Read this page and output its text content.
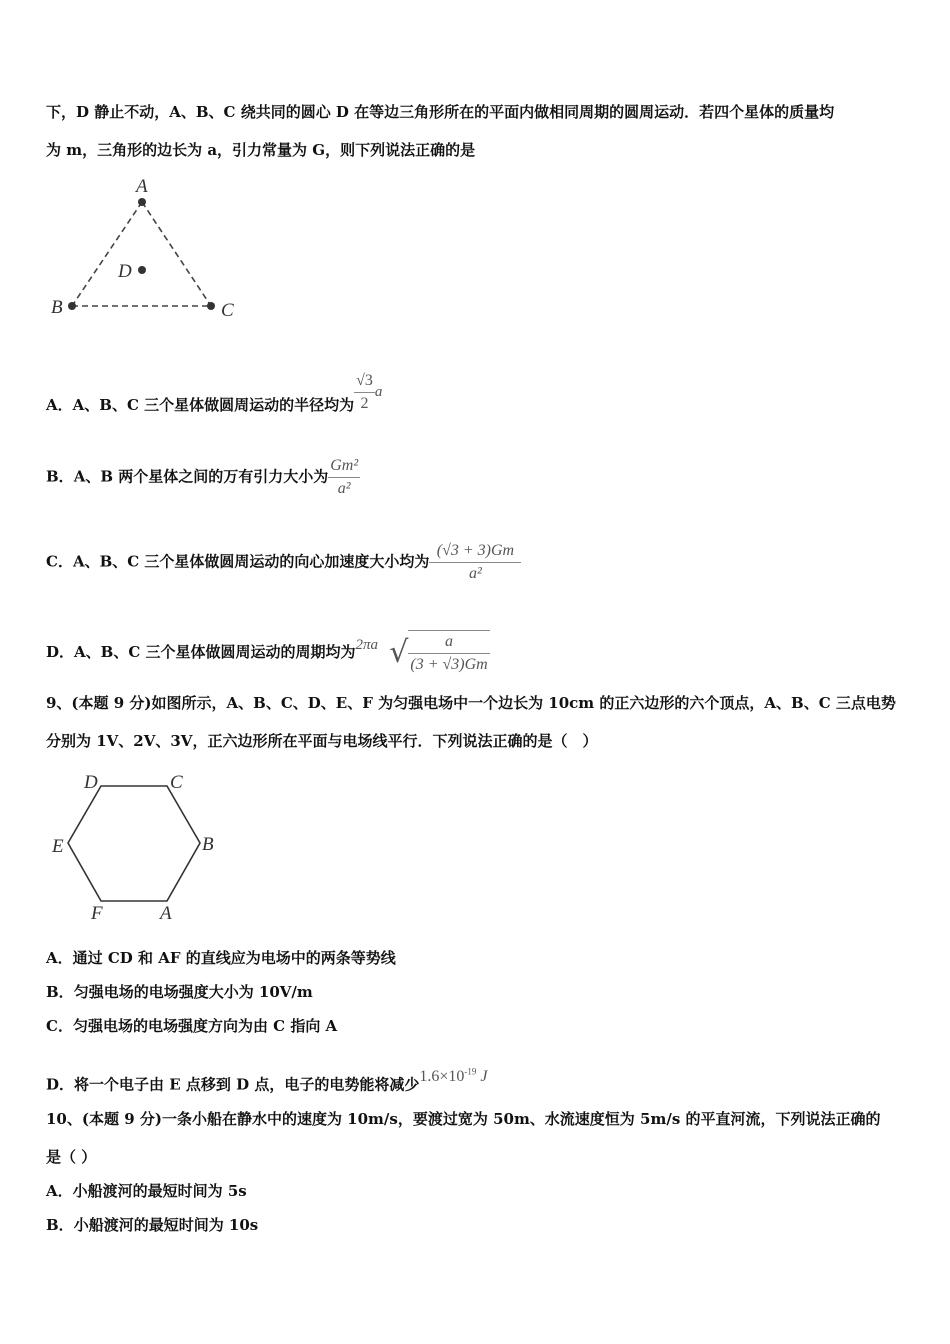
下，D 静止不动，A、B、C 绕共同的圆心 D 在等边三角形所在的平面内做相同周期的圆周运动．若四个星体的质量均
为 m，三角形的边长为 a，引力常量为 G，则下列说法正确的是
A
B	C
D
A．A、B、C 三个星体做圆周运动的半径均为 $\frac{√3}{2}$ a
B．A、B 两个星体之间的万有引力大小为 $\frac{\text{Gm²}}{\text{a²}}$
C．A、B、C 三个星体做圆周运动的向心加速度大小均为 $\frac{(√3 + 3)Gm}{\text{a²}}$
D．A、B、C 三个星体做圆周运动的周期均为2πa √ $\frac{a}{(3 + √3)Gm}$
9、(本题 9 分)如图所示，A、B、C、D、E、F 为匀强电场中一个边长为 10cm 的正六边形的六个顶点，A、B、C 三点电势
分别为 1V、2V、3V，正六边形所在平面与电场线平行．下列说法正确的是（　）
D	C
B
E
F	A
A．通过 CD 和 AF 的直线应为电场中的两条等势线
B．匀强电场的电场强度大小为 10V/m
C．匀强电场的电场强度方向为由 C 指向 A
D．将一个电子由 E 点移到 D 点，电子的电势能将减少$1.6\times 10^{-19}$ J
10、(本题 9 分)一条小船在静水中的速度为 10m/s，要渡过宽为 50m、水流速度恒为 5m/s 的平直河流，下列说法正确的
是（ ）
A．小船渡河的最短时间为 5s
B．小船渡河的最短时间为 10s
